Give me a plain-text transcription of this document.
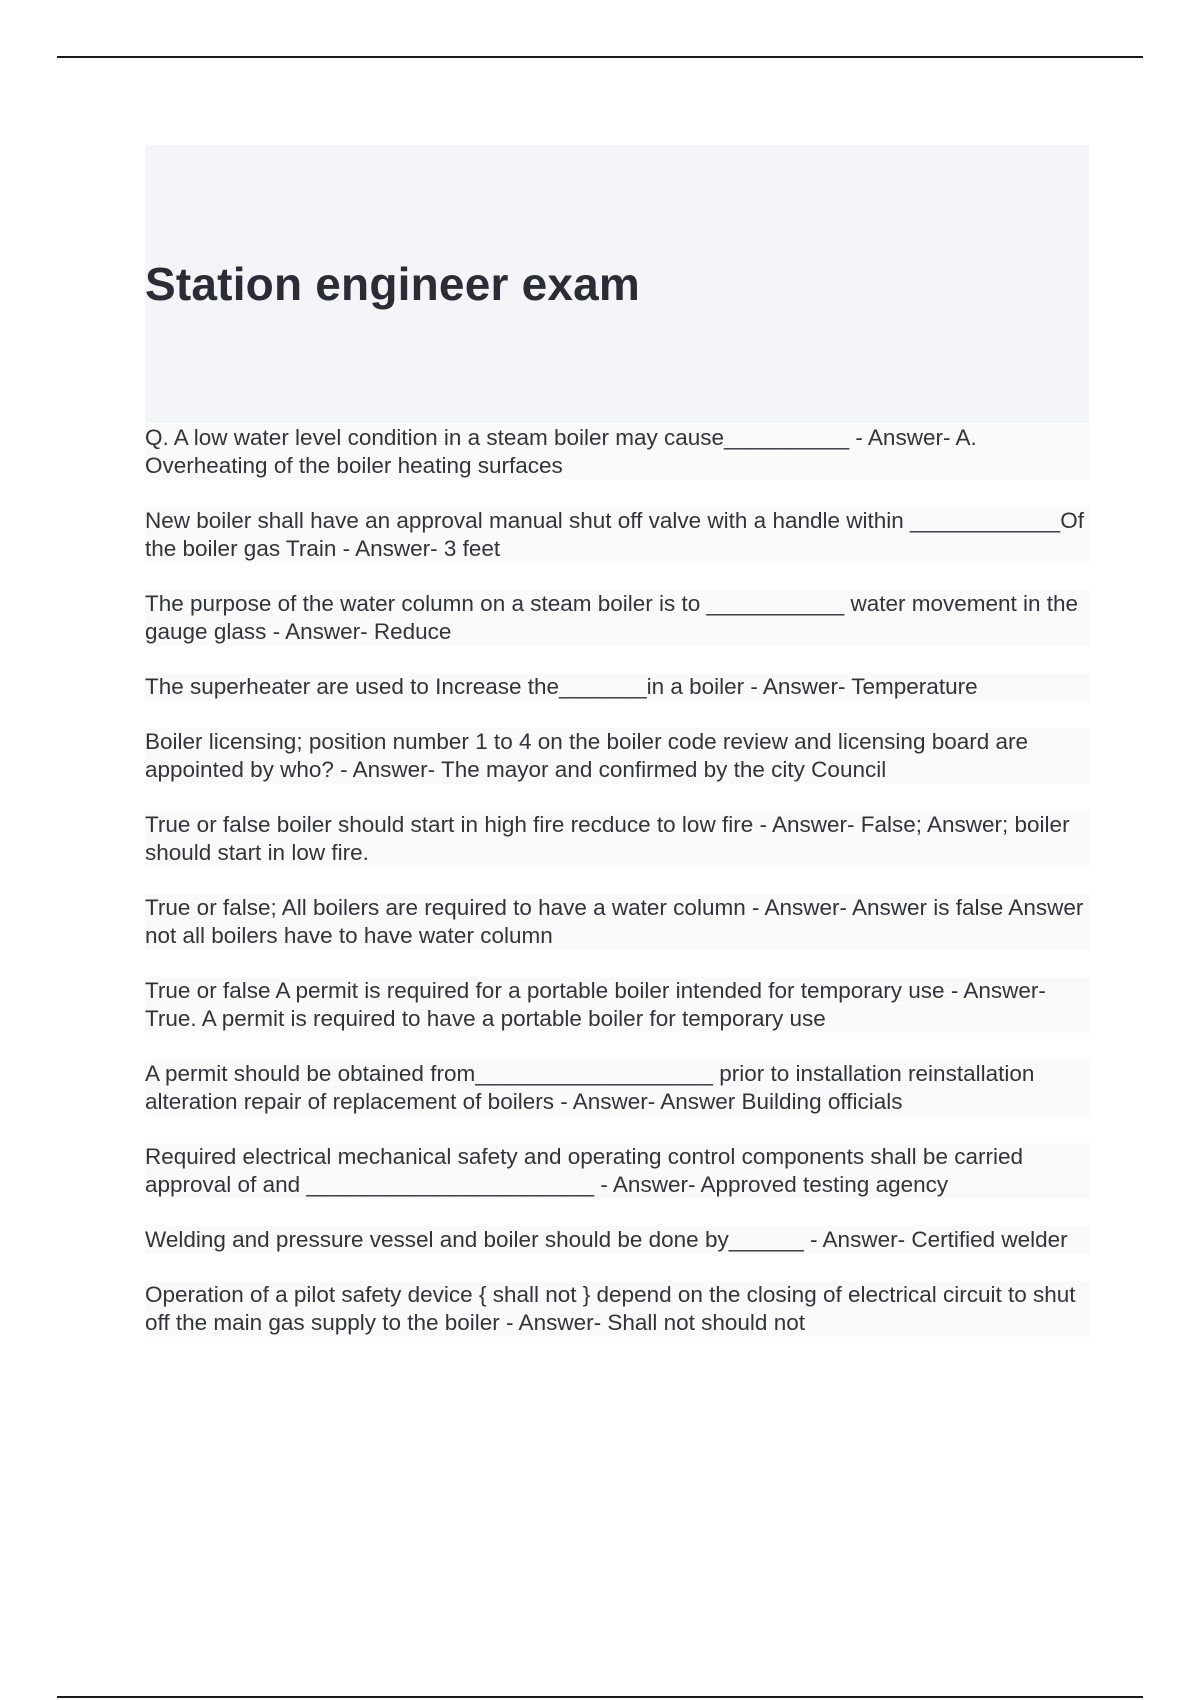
Station engineer exam

Q. A low water level condition in a steam boiler may cause__________ - Answer- A. Overheating of the boiler heating surfaces

New boiler shall have an approval manual shut off valve with a handle within ____________Of the boiler gas Train - Answer- 3 feet

The purpose of the water column on a steam boiler is to ___________ water movement in the gauge glass - Answer- Reduce

The superheater are used to Increase the_______in a boiler - Answer- Temperature

Boiler licensing; position number 1 to 4 on the boiler code review and licensing board are appointed by who? - Answer- The mayor and confirmed by the city Council

True or false boiler should start in high fire recduce to low fire - Answer- False; Answer; boiler should start in low fire.

True or false; All boilers are required to have a water column - Answer- Answer is false Answer not all boilers have to have water column

True or false A permit is required for a portable boiler intended for temporary use - Answer- True. A permit is required to have a portable boiler for temporary use

A permit should be obtained from___________________ prior to installation reinstallation alteration repair of replacement of boilers - Answer- Answer Building officials

Required electrical mechanical safety and operating control components shall be carried approval of and _______________________ - Answer- Approved testing agency

Welding and pressure vessel and boiler should be done by______ - Answer- Certified welder

Operation of a pilot safety device { shall not } depend on the closing of electrical circuit to shut off the main gas supply to the boiler - Answer- Shall not should not
